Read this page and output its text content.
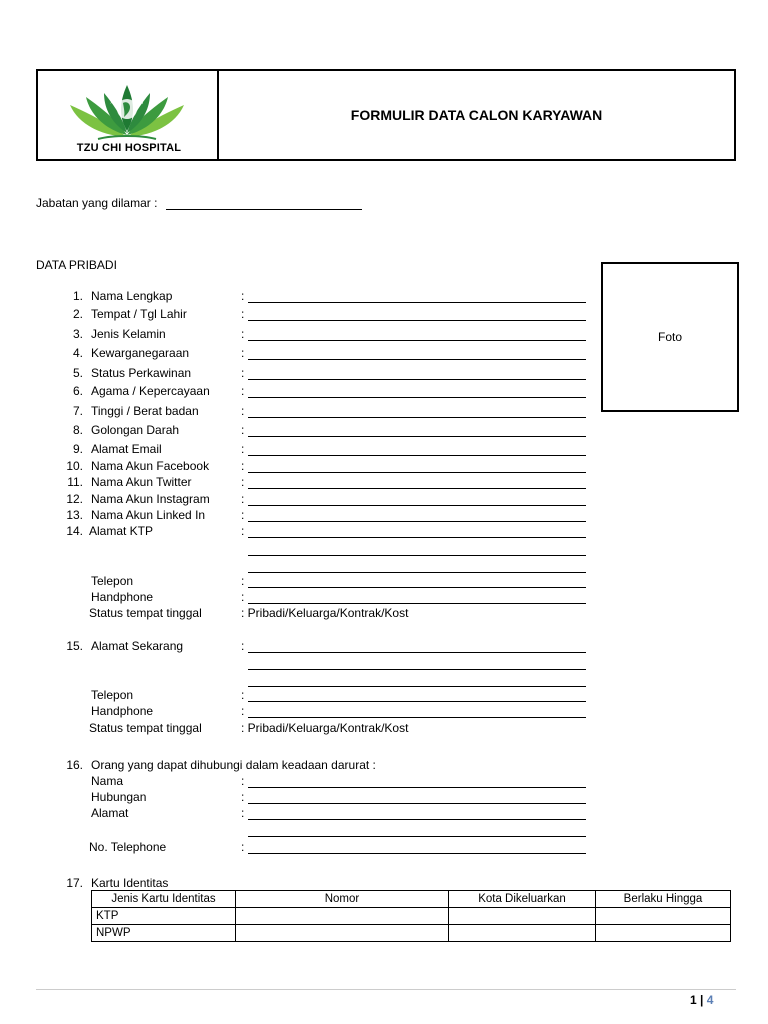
慈	濟
TZU CHI HOSPITAL
FORMULIR DATA CALON KARYAWAN
Jabatan yang dilamar :
DATA PRIBADI
Foto
1. Nama Lengkap	:
2. Tempat / Tgl Lahir	:
3. Jenis Kelamin	:
4. Kewarganegaraan	:
5. Status Perkawinan	:
6. Agama / Kepercayaan	:
7. Tinggi / Berat badan	:
8. Golongan Darah	:
9. Alamat Email	:
10. Nama Akun Facebook	:
11. Nama Akun Twitter	:
12. Nama Akun Instagram	:
13. Nama Akun Linked In	:
14. Alamat KTP	:
Telepon	:
Handphone	:
Status tempat tinggal	: Pribadi/Keluarga/Kontrak/Kost
15. Alamat Sekarang	:
Telepon	:
Handphone	:
Status tempat tinggal	: Pribadi/Keluarga/Kontrak/Kost
16. Orang yang dapat dihubungi dalam keadaan darurat :
Nama	:
Hubungan	:
Alamat	:
No. Telephone	:
17. Kartu Identitas
Jenis Kartu Identitas	Nomor	Kota Dikeluarkan	Berlaku Hingga
KTP			
NPWP			
1 | 4
